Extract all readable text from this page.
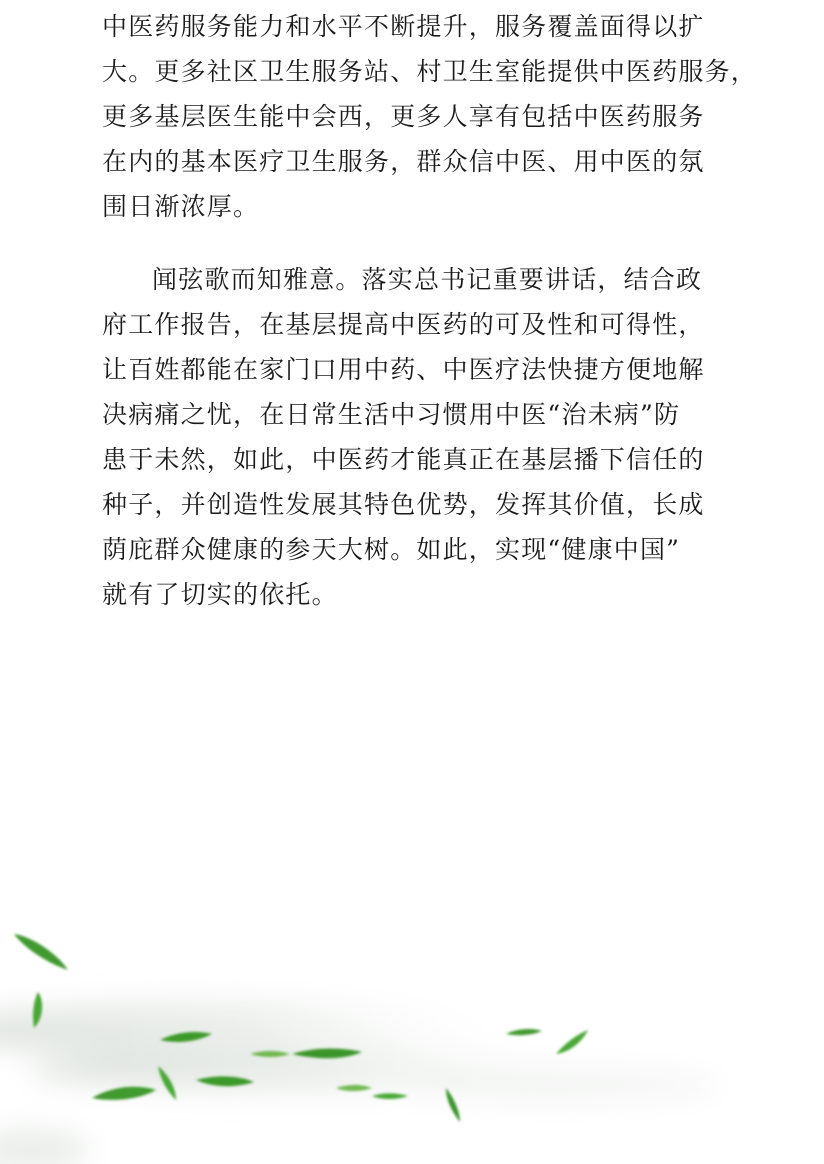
中医药服务能力和水平不断提升，服务覆盖面得以扩
大。更多社区卫生服务站、村卫生室能提供中医药服务，
更多基层医生能中会西，更多人享有包括中医药服务
在内的基本医疗卫生服务，群众信中医、用中医的氛
围日渐浓厚。
闻弦歌而知雅意。落实总书记重要讲话，结合政
府工作报告，在基层提高中医药的可及性和可得性，
让百姓都能在家门口用中药、中医疗法快捷方便地解
决病痛之忧，在日常生活中习惯用中医“治未病”防
患于未然，如此，中医药才能真正在基层播下信任的
种子，并创造性发展其特色优势，发挥其价值，长成
荫庇群众健康的参天大树。如此，实现“健康中国”
就有了切实的依托。
